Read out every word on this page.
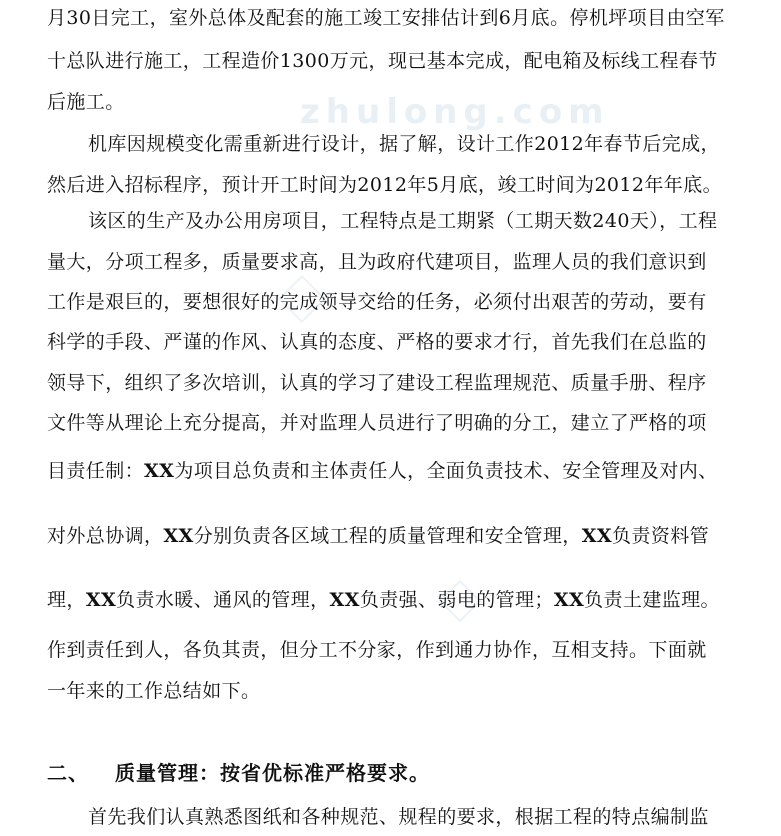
zhulong.com
月30日完工，室外总体及配套的施工竣工安排估计到6月底。停机坪项目由空军
十总队进行施工，工程造价1300万元，现已基本完成，配电箱及标线工程春节
后施工。
机库因规模变化需重新进行设计，据了解，设计工作2012年春节后完成，
然后进入招标程序，预计开工时间为2012年5月底，竣工时间为2012年年底。
该区的生产及办公用房项目，工程特点是工期紧（工期天数240天），工程
量大，分项工程多，质量要求高，且为政府代建项目，监理人员的我们意识到
工作是艰巨的，要想很好的完成领导交给的任务，必须付出艰苦的劳动，要有
科学的手段、严谨的作风、认真的态度、严格的要求才行，首先我们在总监的
领导下，组织了多次培训，认真的学习了建设工程监理规范、质量手册、程序
文件等从理论上充分提高，并对监理人员进行了明确的分工，建立了严格的项
目责任制：XX为项目总负责和主体责任人，全面负责技术、安全管理及对内、
对外总协调，XX分别负责各区域工程的质量管理和安全管理，XX负责资料管
理，XX负责水暖、通风的管理，XX负责强、弱电的管理；XX负责土建监理。
作到责任到人，各负其责，但分工不分家，作到通力协作，互相支持。下面就
一年来的工作总结如下。
二、 质量管理：按省优标准严格要求。
首先我们认真熟悉图纸和各种规范、规程的要求，根据工程的特点编制监
